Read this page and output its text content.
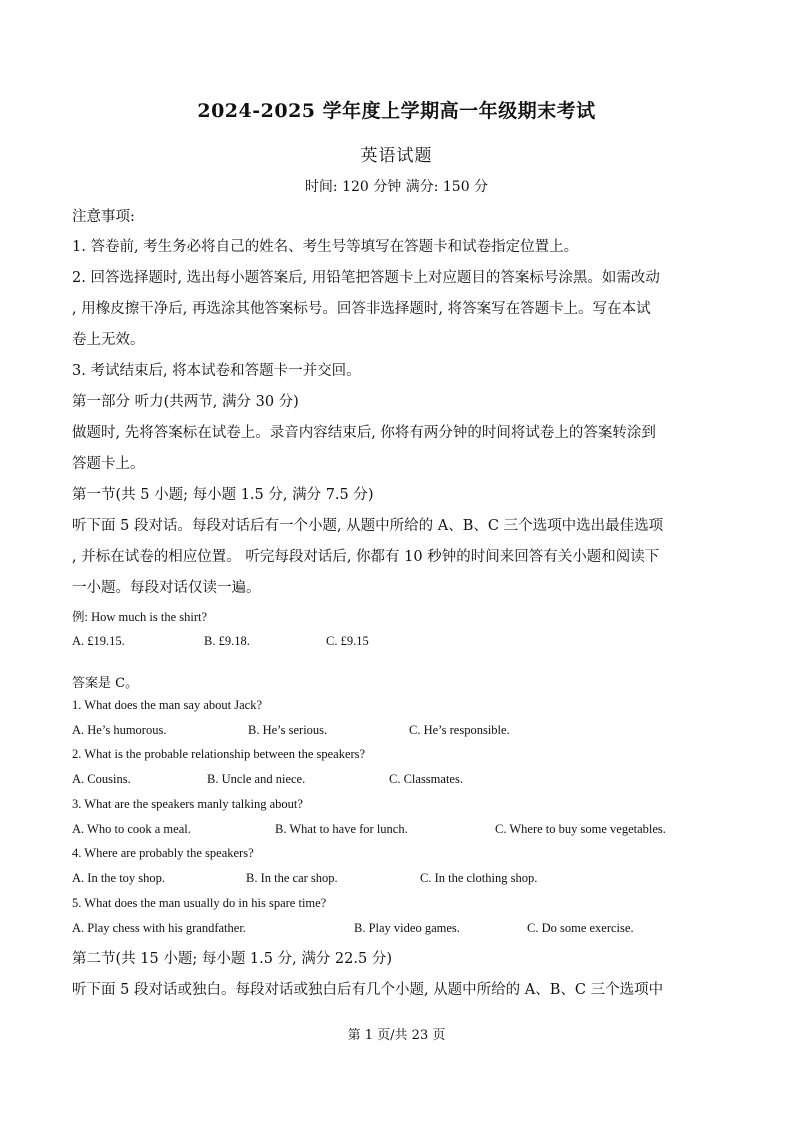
2024-2025 学年度上学期高一年级期末考试
英语试题
时间: 120 分钟 满分: 150 分
注意事项:
1. 答卷前, 考生务必将自己的姓名、考生号等填写在答题卡和试卷指定位置上。
2. 回答选择题时, 选出每小题答案后, 用铅笔把答题卡上对应题目的答案标号涂黑。如需改动
, 用橡皮擦干净后, 再选涂其他答案标号。回答非选择题时, 将答案写在答题卡上。写在本试
卷上无效。
3. 考试结束后, 将本试卷和答题卡一并交回。
第一部分 听力(共两节, 满分 30 分)
做题时, 先将答案标在试卷上。录音内容结束后, 你将有两分钟的时间将试卷上的答案转涂到
答题卡上。
第一节(共 5 小题; 每小题 1.5 分, 满分 7.5 分)
听下面 5 段对话。每段对话后有一个小题, 从题中所给的 A、B、C 三个选项中选出最佳选项
, 并标在试卷的相应位置。 听完每段对话后, 你都有 10 秒钟的时间来回答有关小题和阅读下
一小题。每段对话仅读一遍。
例: How much is the shirt?
A. £19.15.	B. £9.18.	C. £9.15
答案是 C。
1. What does the man say about Jack?
A. He’s humorous.	B. He’s serious.	C. He’s responsible.
2. What is the probable relationship between the speakers?
A. Cousins.	B. Uncle and niece.	C. Classmates.
3. What are the speakers manly talking about?
A. Who to cook a meal.	B. What to have for lunch.	C. Where to buy some vegetables.
4. Where are probably the speakers?
A. In the toy shop.	B. In the car shop.	C. In the clothing shop.
5. What does the man usually do in his spare time?
A. Play chess with his grandfather.	B. Play video games.	C. Do some exercise.
第二节(共 15 小题; 每小题 1.5 分, 满分 22.5 分)
听下面 5 段对话或独白。每段对话或独白后有几个小题, 从题中所给的 A、B、C 三个选项中
第 1 页/共 23 页
